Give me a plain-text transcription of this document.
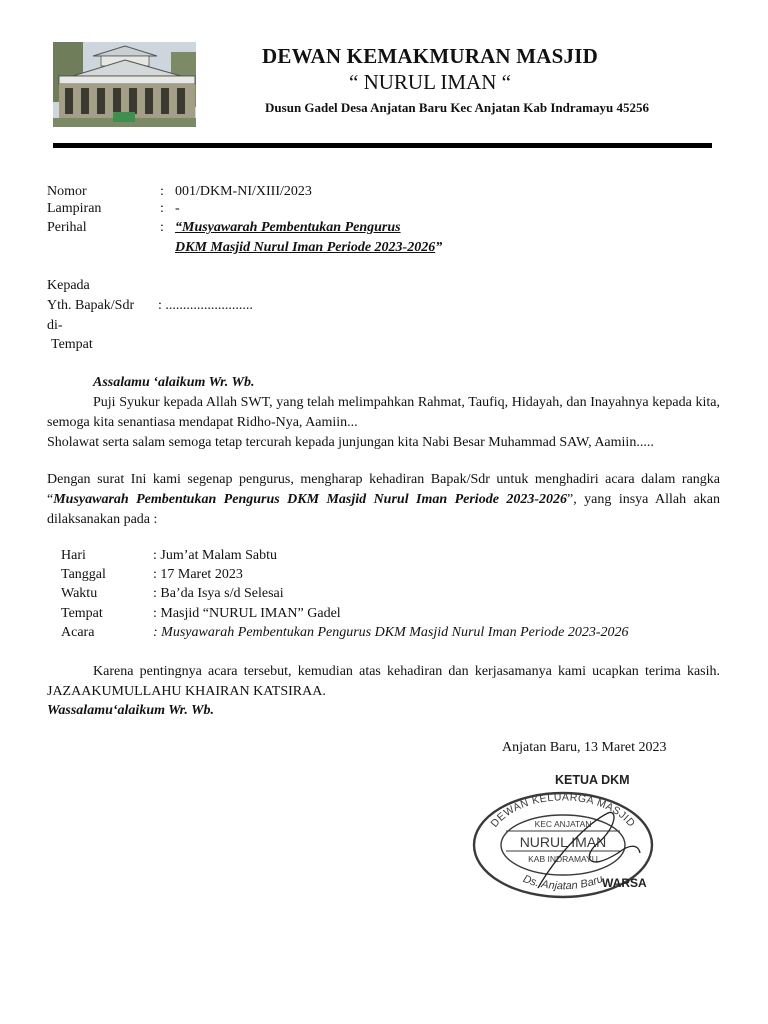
DEWAN KEMAKMURAN MASJID
“ NURUL IMAN “
Dusun Gadel Desa Anjatan Baru Kec Anjatan Kab Indramayu 45256
Nomor	: 001/DKM-NI/XIII/2023
Lampiran	: -
Perihal	: “Musyawarah Pembentukan Pengurus
DKM Masjid Nurul Iman Periode 2023-2026”
Kepada
Yth. Bapak/Sdr : .........................
di-
Tempat
Assalamu ‘alaikum Wr. Wb.

Puji Syukur kepada Allah SWT, yang telah melimpahkan Rahmat, Taufiq, Hidayah, dan Inayahnya kepada kita, semoga kita senantiasa mendapat Ridho-Nya, Aamiin...

Sholawat serta salam semoga tetap tercurah kepada junjungan kita Nabi Besar Muhammad SAW, Aamiin.....

Dengan surat Ini kami segenap pengurus, mengharap kehadiran Bapak/Sdr untuk menghadiri acara dalam rangka “Musyawarah Pembentukan Pengurus DKM Masjid Nurul Iman Periode 2023-2026”, yang insya Allah akan dilaksanakan pada :

Hari	: Jum’at Malam Sabtu
Tanggal	: 17 Maret 2023
Waktu	: Ba’da Isya s/d Selesai
Tempat	: Masjid “NURUL IMAN” Gadel
Acara	: Musyawarah Pembentukan Pengurus DKM Masjid Nurul Iman Periode 2023-2026

Karena pentingnya acara tersebut, kemudian atas kehadiran dan kerjasamanya kami ucapkan terima kasih. JAZAAKUMULLAHU KHAIRAN KATSIRAA.

Wassalamu‘alaikum Wr. Wb.
Anjatan Baru, 13 Maret 2023
KETUA DKM
DEWAN KELUARGA MASJID
KEC ANJATAN
NURUL IMAN
KAB INDRAMAYU
Ds. Anjatan Baru
WARSA
